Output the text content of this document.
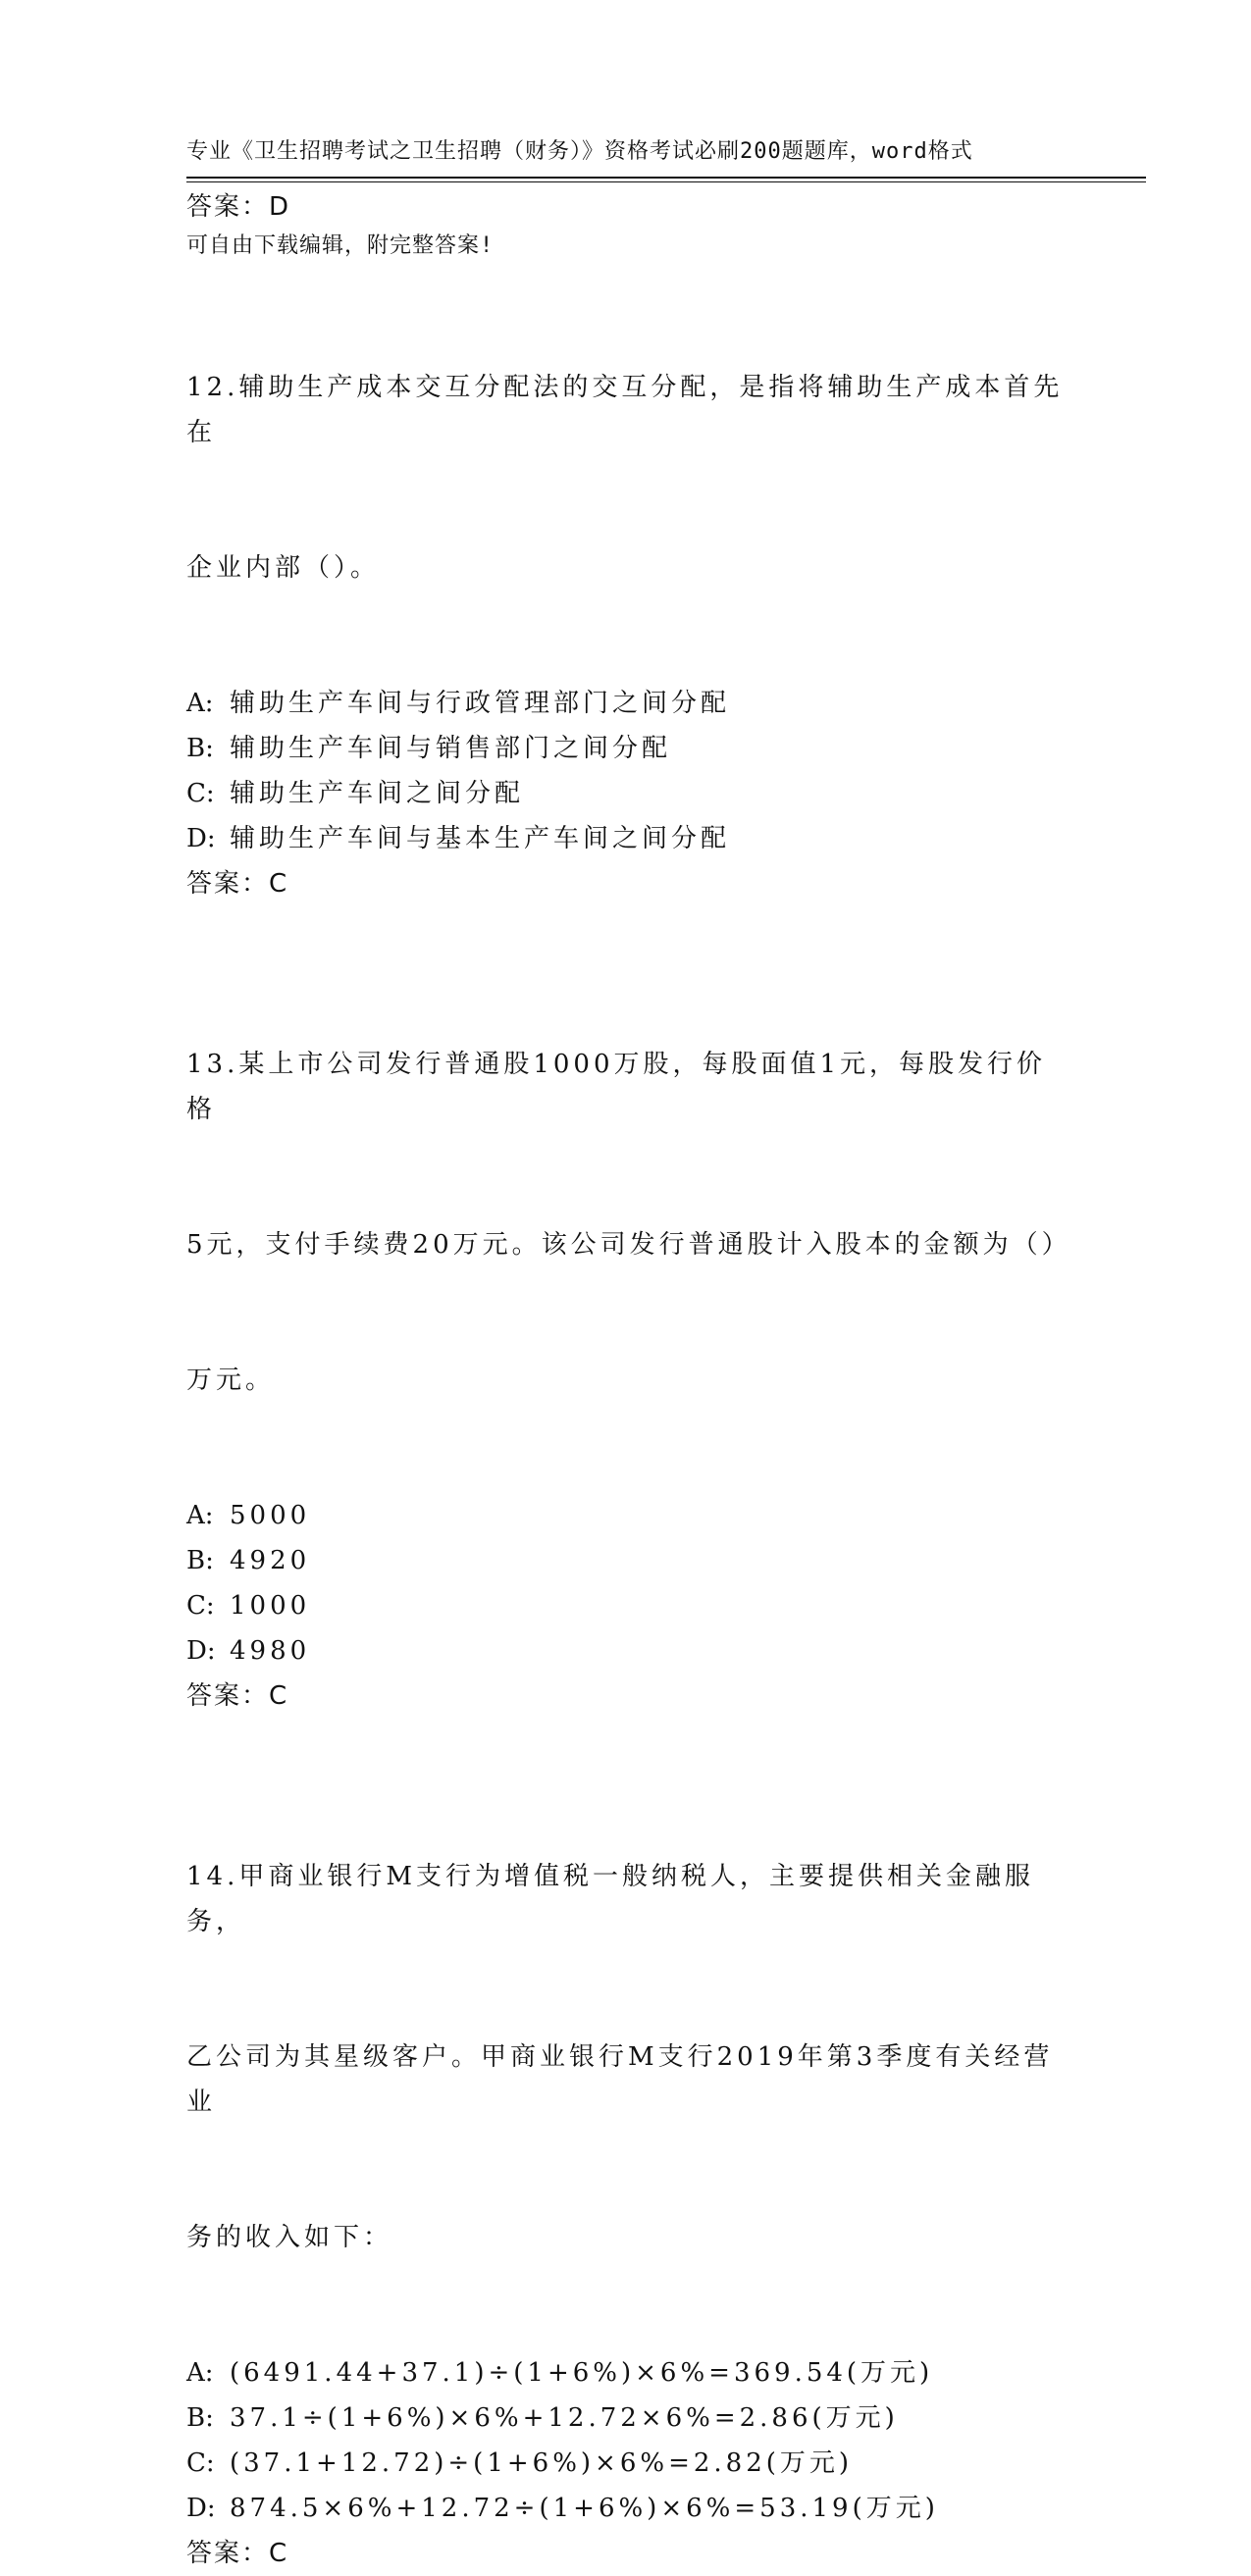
专业《卫生招聘考试之卫生招聘（财务）》资格考试必刷200题题库，word格式

可自由下载编辑，附完整答案!

答案：D

12.辅助生产成本交互分配法的交互分配，是指将辅助生产成本首先在

企业内部（）。

A: 辅助生产车间与行政管理部门之间分配
B: 辅助生产车间与销售部门之间分配
C: 辅助生产车间之间分配
D: 辅助生产车间与基本生产车间之间分配
答案：C

13.某上市公司发行普通股1000万股，每股面值1元，每股发行价格

5元，支付手续费20万元。该公司发行普通股计入股本的金额为（）

万元。

A: 5000
B: 4920
C: 1000
D: 4980
答案：C

14.甲商业银行M支行为增值税一般纳税人，主要提供相关金融服务，

乙公司为其星级客户。甲商业银行M支行2019年第3季度有关经营业

务的收入如下：

A: (6491.44+37.1)÷(1+6%)×6%=369.54(万元)
B: 37.1÷(1+6%)×6%+12.72×6%=2.86(万元)
C: (37.1+12.72)÷(1+6%)×6%=2.82(万元)
D: 874.5×6%+12.72÷(1+6%)×6%=53.19(万元)
答案：C
